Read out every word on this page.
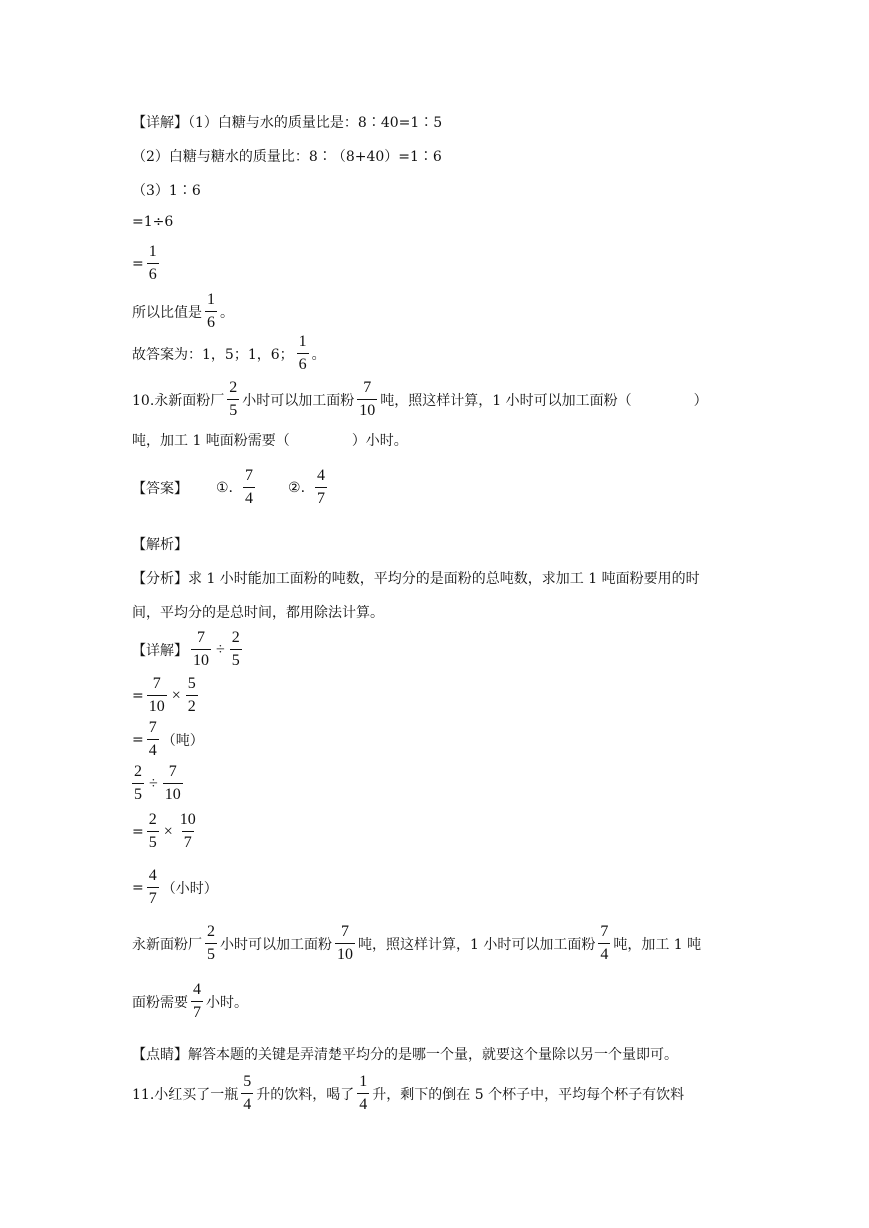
【详解】（1）白糖与水的质量比是：8∶40=1∶5
（2）白糖与糖水的质量比：8∶（8+40）=1∶6
（3）1∶6
=1÷6
= $\frac{1}{6}$
所以比值是 $\frac{1}{6}$ 。
故答案为：1，5；1，6； $\frac{1}{6}$ 。
10.永新面粉厂 $\frac{2}{5}$ 小时可以加工面粉 $\frac{7}{10}$ 吨，照这样计算，1 小时可以加工面粉（	）
吨，加工 1 吨面粉需要（	）小时。
【答案】 ①. $\frac{7}{4}$ ②. $\frac{4}{7}$
【解析】
【分析】求 1 小时能加工面粉的吨数，平均分的是面粉的总吨数，求加工 1 吨面粉要用的时
间，平均分的是总时间，都用除法计算。
【详解】 $\frac{7}{10} \div \frac{2}{5}$
= $\frac{7}{10} \times \frac{5}{2}$
= $\frac{7}{4}$ （吨）
$\frac{2}{5} \div \frac{7}{10}$
= $\frac{2}{5} \times \frac{10}{7}$
= $\frac{4}{7}$ （小时）
永新面粉厂 $\frac{2}{5}$ 小时可以加工面粉 $\frac{7}{10}$ 吨，照这样计算，1 小时可以加工面粉 $\frac{7}{4}$ 吨，加工 1 吨
面粉需要 $\frac{4}{7}$ 小时。
【点睛】解答本题的关键是弄清楚平均分的是哪一个量，就要这个量除以另一个量即可。
11.小红买了一瓶 $\frac{5}{4}$ 升的饮料，喝了 $\frac{1}{4}$ 升，剩下的倒在 5 个杯子中，平均每个杯子有饮料
